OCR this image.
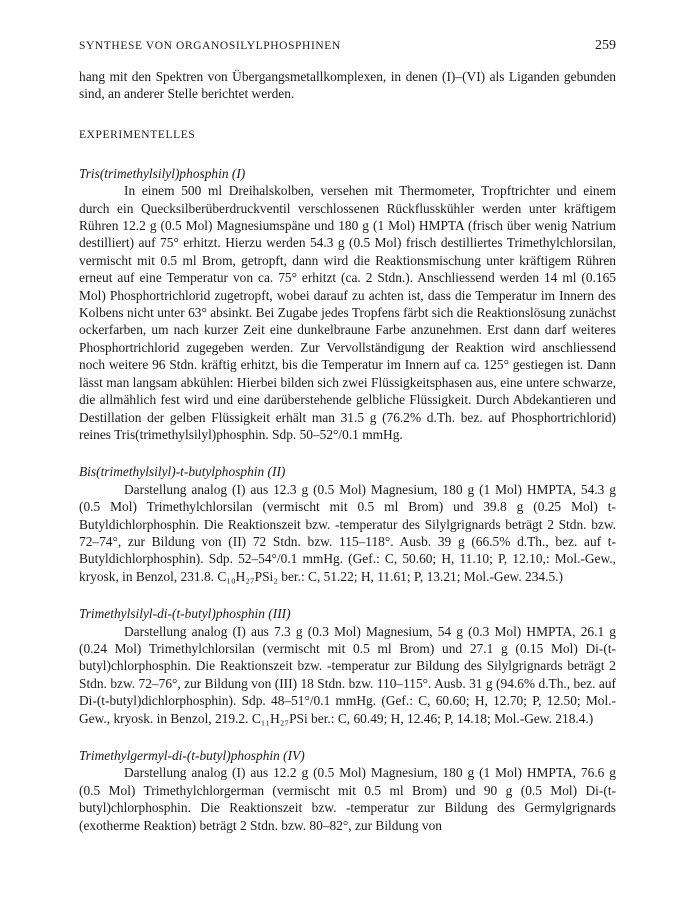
SYNTHESE VON ORGANOSILYLPHOSPHINEN	259

hang mit den Spektren von Übergangsmetallkomplexen, in denen (I)–(VI) als Liganden gebunden sind, an anderer Stelle berichtet werden.

EXPERIMENTELLES

Tris(trimethylsilyl)phosphin (I)

In einem 500 ml Dreihalskolben, versehen mit Thermometer, Tropftrichter und einem durch ein Quecksilberüberdruckventil verschlossenen Rückflusskühler werden unter kräftigem Rühren 12.2 g (0.5 Mol) Magnesiumspäne und 180 g (1 Mol) HMPTA (frisch über wenig Natrium destilliert) auf 75° erhitzt. Hierzu werden 54.3 g (0.5 Mol) frisch destilliertes Trimethylchlorsilan, vermischt mit 0.5 ml Brom, getropft, dann wird die Reaktionsmischung unter kräftigem Rühren erneut auf eine Temperatur von ca. 75° erhitzt (ca. 2 Stdn.). Anschliessend werden 14 ml (0.165 Mol) Phosphortrichlorid zugetropft, wobei darauf zu achten ist, dass die Temperatur im Innern des Kolbens nicht unter 63° absinkt. Bei Zugabe jedes Tropfens färbt sich die Reaktionslösung zunächst ockerfarben, um nach kurzer Zeit eine dunkelbraune Farbe anzunehmen. Erst dann darf weiteres Phosphortrichlorid zugegeben werden. Zur Vervollständigung der Reaktion wird anschliessend noch weitere 96 Stdn. kräftig erhitzt, bis die Temperatur im Innern auf ca. 125° gestiegen ist. Dann lässt man langsam abkühlen: Hierbei bilden sich zwei Flüssigkeitsphasen aus, eine untere schwarze, die allmählich fest wird und eine darüberstehende gelbliche Flüssigkeit. Durch Abdekantieren und Destillation der gelben Flüssigkeit erhält man 31.5 g (76.2% d.Th. bez. auf Phosphortrichlorid) reines Tris(trimethylsilyl)phosphin. Sdp. 50–52°/0.1 mmHg.

Bis(trimethylsilyl)-t-butylphosphin (II)

Darstellung analog (I) aus 12.3 g (0.5 Mol) Magnesium, 180 g (1 Mol) HMPTA, 54.3 g (0.5 Mol) Trimethylchlorsilan (vermischt mit 0.5 ml Brom) und 39.8 g (0.25 Mol) t-Butyldichlorphosphin. Die Reaktionszeit bzw. -temperatur des Silylgrignards beträgt 2 Stdn. bzw. 72–74°, zur Bildung von (II) 72 Stdn. bzw. 115–118°. Ausb. 39 g (66.5% d.Th., bez. auf t-Butyldichlorphosphin). Sdp. 52–54°/0.1 mmHg. (Gef.: C, 50.60; H, 11.10; P, 12.10,: Mol.-Gew., kryosk, in Benzol, 231.8. C₁₀H₂₇PSi₂ ber.: C, 51.22; H, 11.61; P, 13.21; Mol.-Gew. 234.5.)

Trimethylsilyl-di-(t-butyl)phosphin (III)

Darstellung analog (I) aus 7.3 g (0.3 Mol) Magnesium, 54 g (0.3 Mol) HMPTA, 26.1 g (0.24 Mol) Trimethylchlorsilan (vermischt mit 0.5 ml Brom) und 27.1 g (0.15 Mol) Di-(t-butyl)chlorphosphin. Die Reaktionszeit bzw. -temperatur zur Bildung des Silylgrignards beträgt 2 Stdn. bzw. 72–76°, zur Bildung von (III) 18 Stdn. bzw. 110–115°. Ausb. 31 g (94.6% d.Th., bez. auf Di-(t-butyl)dichlorphosphin). Sdp. 48–51°/0.1 mmHg. (Gef.: C, 60.60; H, 12.70; P, 12.50; Mol.-Gew., kryosk. in Benzol, 219.2. C₁₁H₂₇PSi ber.: C, 60.49; H, 12.46; P, 14.18; Mol.-Gew. 218.4.)

Trimethylgermyl-di-(t-butyl)phosphin (IV)

Darstellung analog (I) aus 12.2 g (0.5 Mol) Magnesium, 180 g (1 Mol) HMPTA, 76.6 g (0.5 Mol) Trimethylchlorgerman (vermischt mit 0.5 ml Brom) und 90 g (0.5 Mol) Di-(t-butyl)chlorphosphin. Die Reaktionszeit bzw. -temperatur zur Bildung des Germylgrignards (exotherme Reaktion) beträgt 2 Stdn. bzw. 80–82°, zur Bildung von
